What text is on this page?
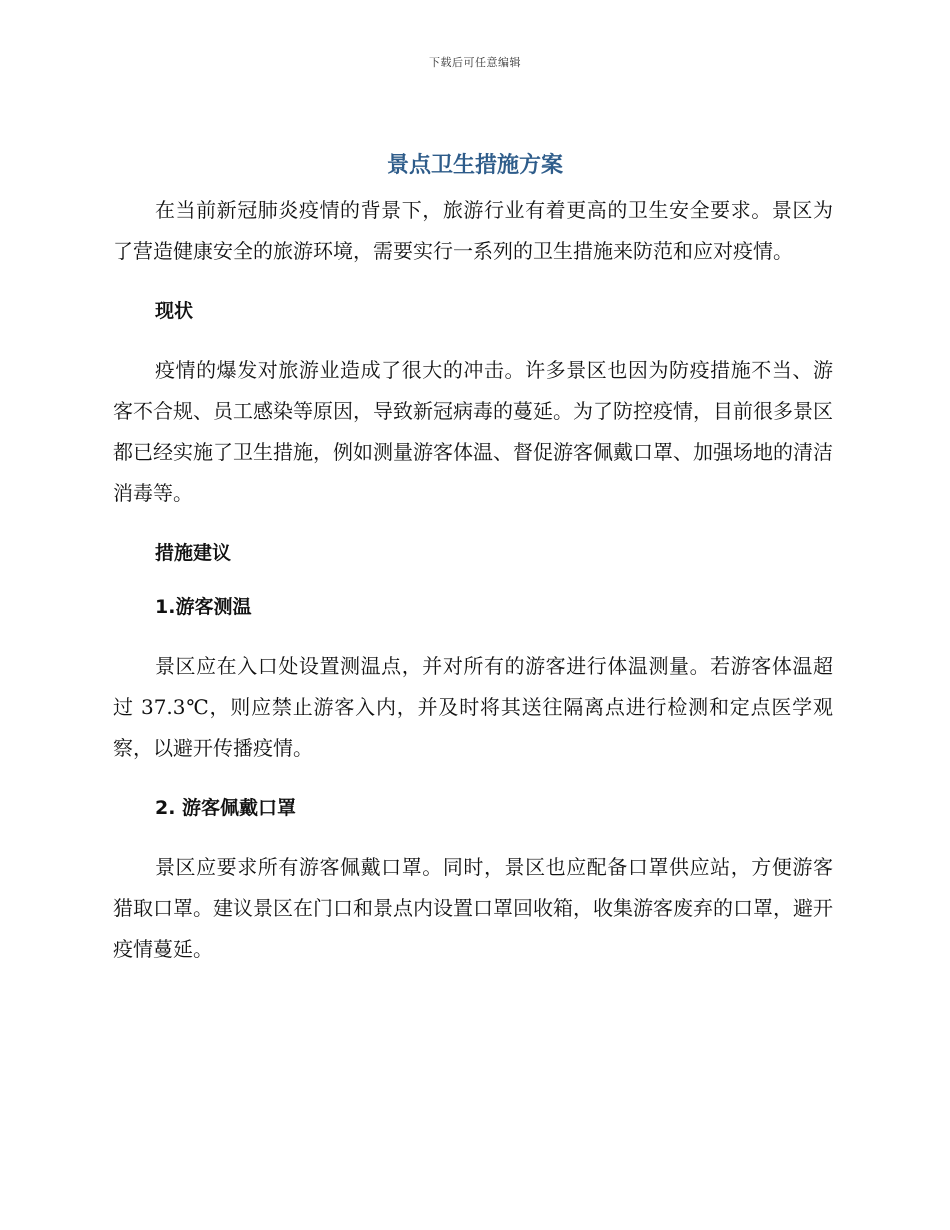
下载后可任意编辑
景点卫生措施方案

在当前新冠肺炎疫情的背景下，旅游行业有着更高的卫生安全要求。景区为了营造健康安全的旅游环境，需要实行一系列的卫生措施来防范和应对疫情。

现状

疫情的爆发对旅游业造成了很大的冲击。许多景区也因为防疫措施不当、游客不合规、员工感染等原因，导致新冠病毒的蔓延。为了防控疫情，目前很多景区都已经实施了卫生措施，例如测量游客体温、督促游客佩戴口罩、加强场地的清洁消毒等。

措施建议
1.游客测温

景区应在入口处设置测温点，并对所有的游客进行体温测量。若游客体温超过 37.3℃，则应禁止游客入内，并及时将其送往隔离点进行检测和定点医学观察，以避开传播疫情。

2. 游客佩戴口罩

景区应要求所有游客佩戴口罩。同时，景区也应配备口罩供应站，方便游客猎取口罩。建议景区在门口和景点内设置口罩回收箱，收集游客废弃的口罩，避开疫情蔓延。
